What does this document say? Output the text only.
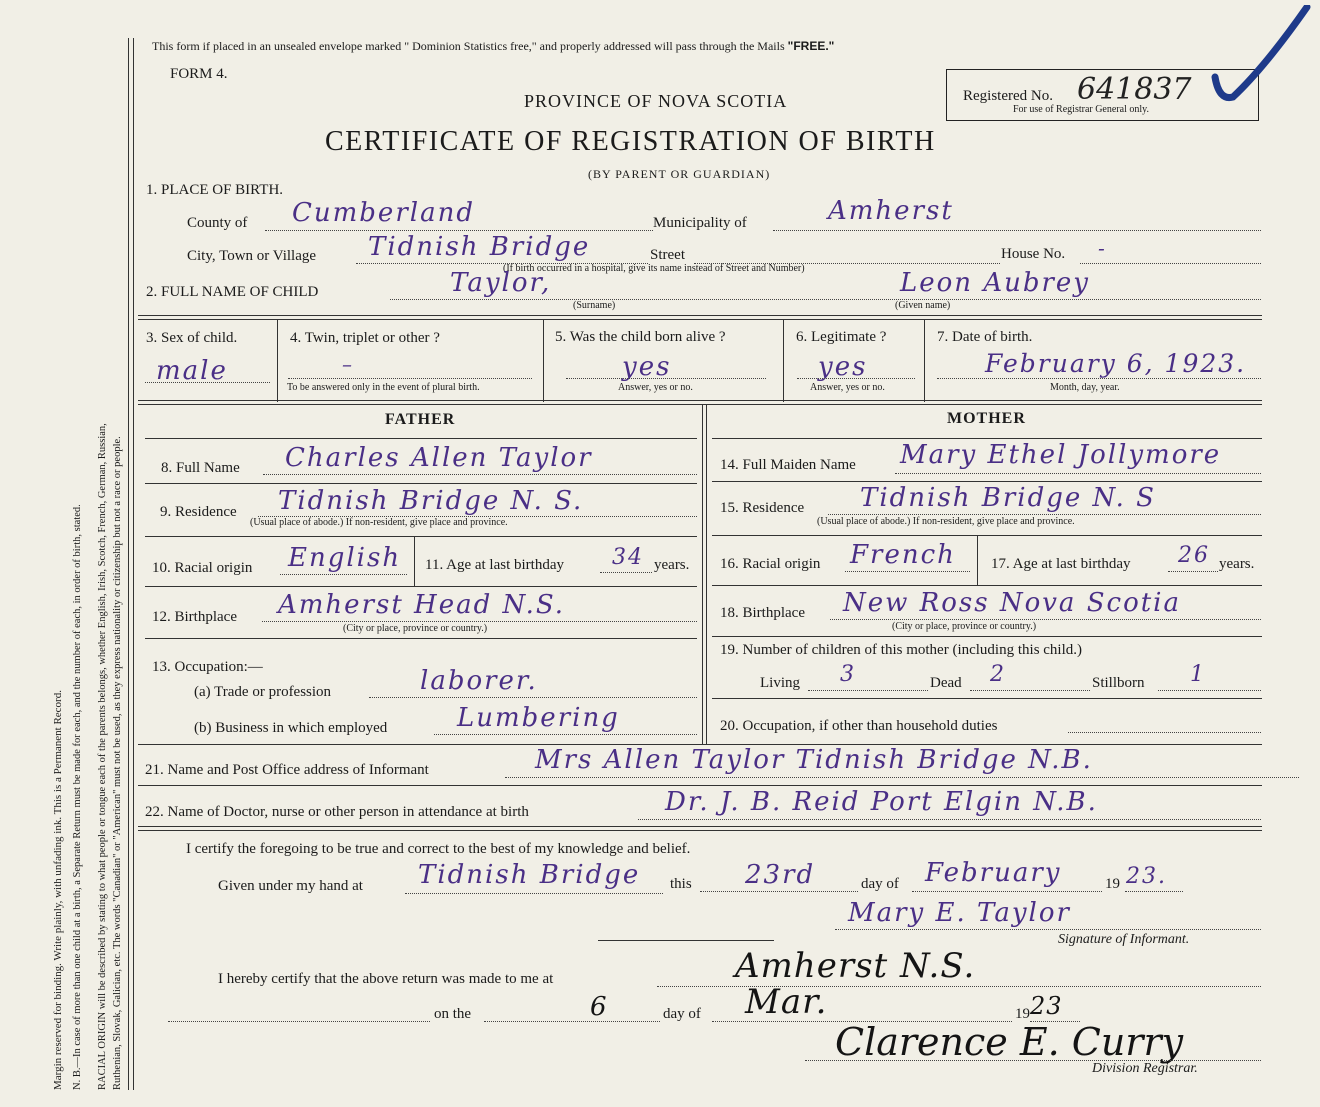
Margin reserved for binding. Write plainly, with unfading ink. This is a Permanent Record. N. B.—In case of more than one child at a birth, a Separate Return must be made for each, and the number of each, in order of birth, stated. RACIAL ORIGIN will be described by stating to what people or tongue each of the parents belongs, whether English, Irish, Scotch, French, German, Russian, Ruthenian, Slovak, Galician, etc. The words "Canadian" or "American" must not be used, as they express nationality or citizenship but not a race or people.
This form if placed in an unsealed envelope marked " Dominion Statistics free," and properly addressed will pass through the Mails "FREE."
FORM 4.
PROVINCE OF NOVA SCOTIA
CERTIFICATE OF REGISTRATION OF BIRTH
(BY PARENT OR GUARDIAN)
Registered No. 641837
For use of Registrar General only.
1. PLACE OF BIRTH.
County of Cumberland	Municipality of	Amherst
City, Town or Village Tidnish Bridge	Street	House No. -
(If birth occurred in a hospital, give its name instead of Street and Number)
2. FULL NAME OF CHILD	Taylor,	Leon Aubrey
(Surname)	(Given name)
3. Sex of child.
male
4. Twin, triplet or other ?
–
To be answered only in the event of plural birth.
5. Was the child born alive ?
yes
Answer, yes or no.
6. Legitimate ?
yes
Answer, yes or no.
7. Date of birth.
February 6, 1923.
Month, day, year.
FATHER
8. Full Name Charles Allen Taylor
9. Residence Tidnish Bridge N. S.
(Usual place of abode.) If non-resident, give place and province.
10. Racial origin English 11. Age at last birthday 34 years.
12. Birthplace Amherst Head N.S.
(City or place, province or country.)
13. Occupation:—
(a) Trade or profession	laborer.
(b) Business in which employed	Lumbering
MOTHER
14. Full Maiden Name Mary Ethel Jollymore
15. Residence Tidnish Bridge N. S
(Usual place of abode.) If non-resident, give place and province.
16. Racial origin French 17. Age at last birthday 26 years.
18. Birthplace New Ross Nova Scotia
(City or place, province or country.)
19. Number of children of this mother (including this child.)
Living 3	Dead 2	Stillborn 1
20. Occupation, if other than household duties
21. Name and Post Office address of Informant	Mrs Allen Taylor Tidnish Bridge N.B.
22. Name of Doctor, nurse or other person in attendance at birth	Dr. J. B. Reid Port Elgin N.B.
I certify the foregoing to be true and correct to the best of my knowledge and belief.
Given under my hand at Tidnish Bridge this 23rd	day of February	19 23.
Mary E. Taylor
Signature of Informant.
I hereby certify that the above return was made to me at	Amherst N.S.
on the	6	day of Mar.	19 23
Clarence E. Curry
Division Registrar.
